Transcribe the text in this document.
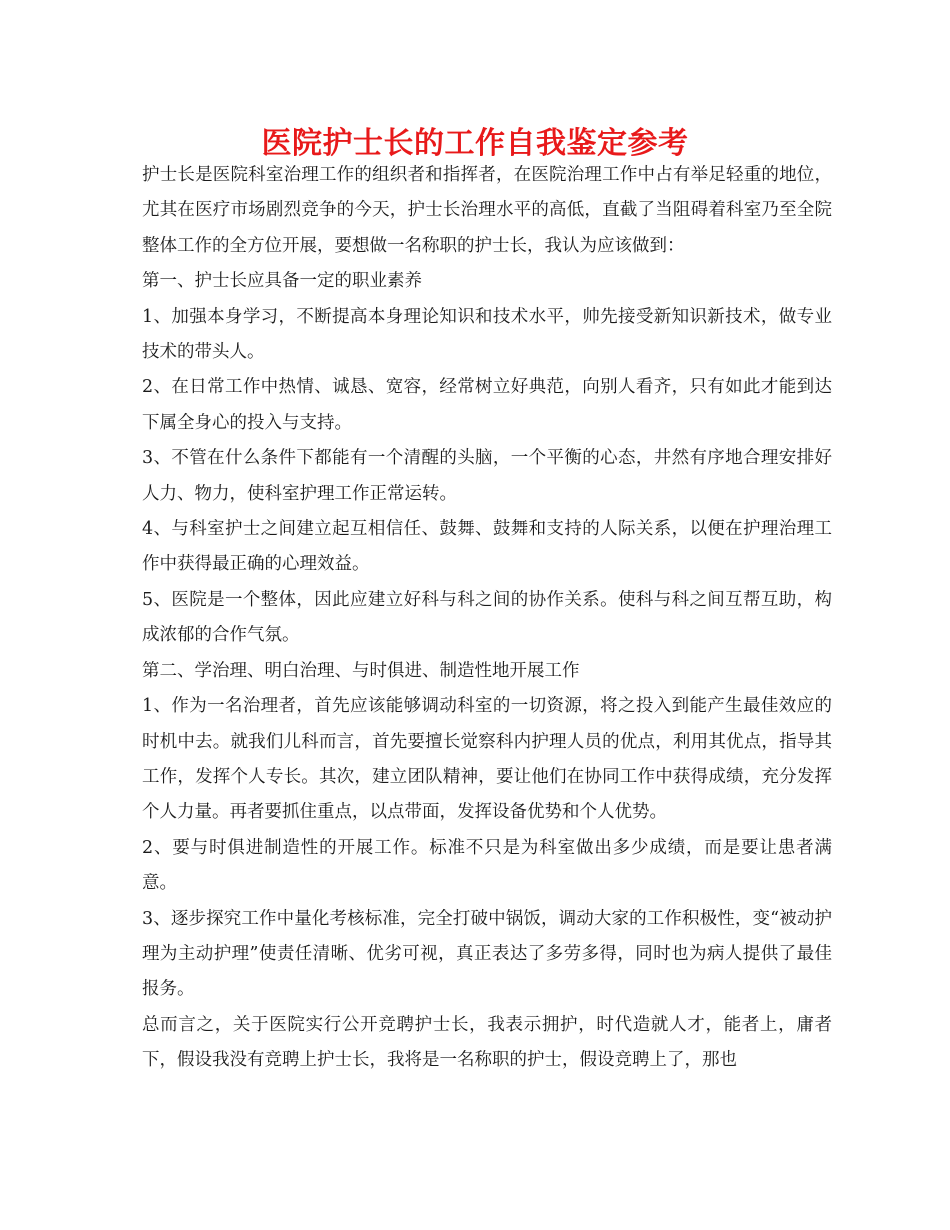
医院护士长的工作自我鉴定参考

护士长是医院科室治理工作的组织者和指挥者，在医院治理工作中占有举足轻重的地位，尤其在医疗市场剧烈竞争的今天，护士长治理水平的高低，直截了当阻碍着科室乃至全院整体工作的全方位开展，要想做一名称职的护士长，我认为应该做到：

第一、护士长应具备一定的职业素养

1、加强本身学习，不断提高本身理论知识和技术水平，帅先接受新知识新技术，做专业技术的带头人。

2、在日常工作中热情、诚恳、宽容，经常树立好典范，向别人看齐，只有如此才能到达下属全身心的投入与支持。

3、不管在什么条件下都能有一个清醒的头脑，一个平衡的心态，井然有序地合理安排好人力、物力，使科室护理工作正常运转。

4、与科室护士之间建立起互相信任、鼓舞、鼓舞和支持的人际关系，以便在护理治理工作中获得最正确的心理效益。

5、医院是一个整体，因此应建立好科与科之间的协作关系。使科与科之间互帮互助，构成浓郁的合作气氛。

第二、学治理、明白治理、与时俱进、制造性地开展工作

1、作为一名治理者，首先应该能够调动科室的一切资源，将之投入到能产生最佳效应的时机中去。就我们儿科而言，首先要擅长觉察科内护理人员的优点，利用其优点，指导其工作，发挥个人专长。其次，建立团队精神，要让他们在协同工作中获得成绩，充分发挥个人力量。再者要抓住重点，以点带面，发挥设备优势和个人优势。

2、要与时俱进制造性的开展工作。标准不只是为科室做出多少成绩，而是要让患者满意。

3、逐步探究工作中量化考核标准，完全打破中锅饭，调动大家的工作积极性，变“被动护理为主动护理”使责任清晰、优劣可视，真正表达了多劳多得，同时也为病人提供了最佳报务。

总而言之，关于医院实行公开竞聘护士长，我表示拥护，时代造就人才，能者上，庸者下，假设我没有竞聘上护士长，我将是一名称职的护士，假设竞聘上了，那也
